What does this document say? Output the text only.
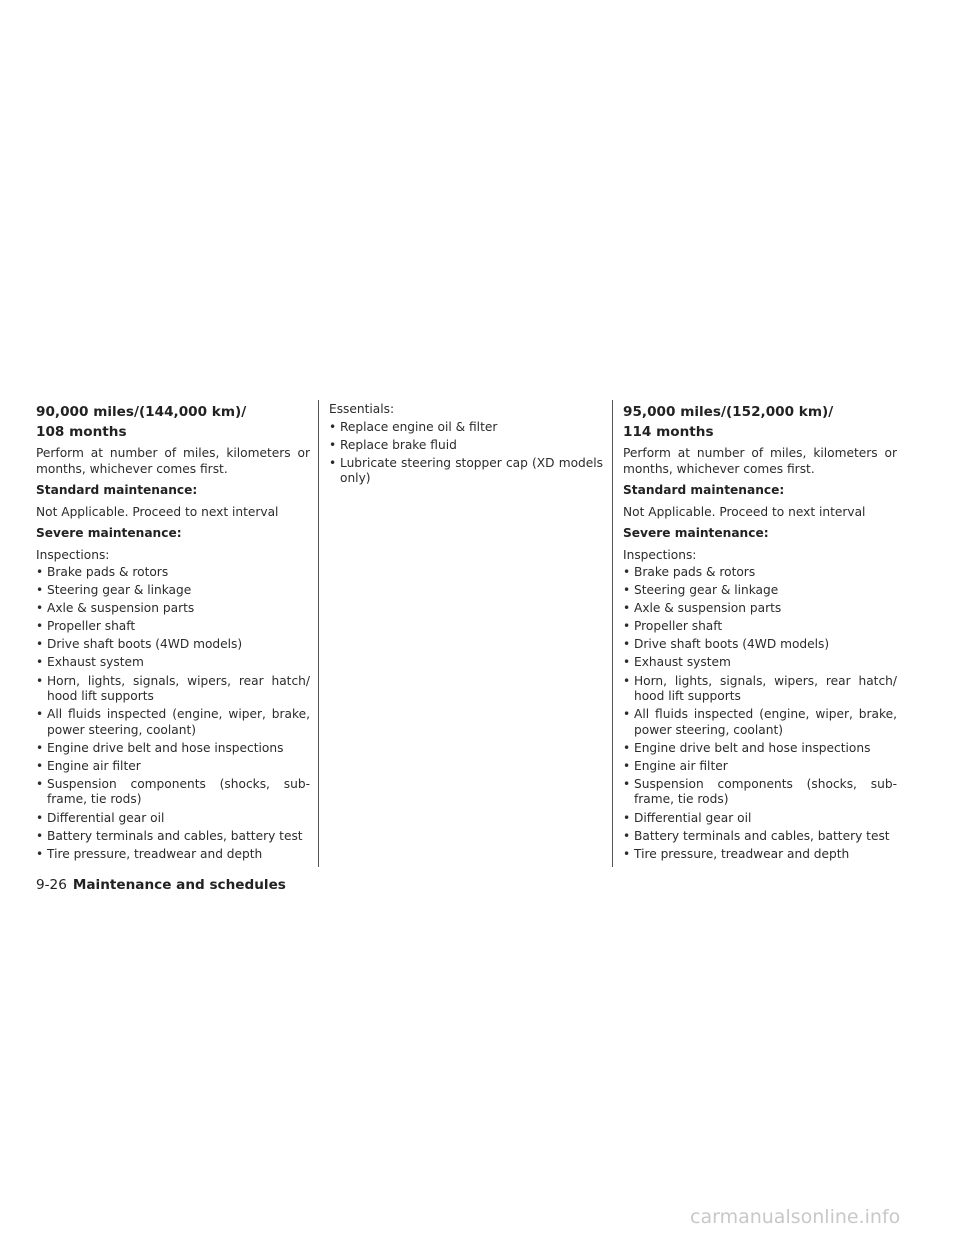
90,000 miles/(144,000 km)/
108 months

Perform at number of miles, kilometers or months, whichever comes first.

Standard maintenance:

Not Applicable. Proceed to next interval

Severe maintenance:

Inspections:

• Brake pads & rotors
• Steering gear & linkage
• Axle & suspension parts
• Propeller shaft
• Drive shaft boots (4WD models)
• Exhaust system
• Horn, lights, signals, wipers, rear hatch/ hood lift supports
• All fluids inspected (engine, wiper, brake, power steering, coolant)
• Engine drive belt and hose inspections
• Engine air filter
• Suspension components (shocks, sub-frame, tie rods)
• Differential gear oil
• Battery terminals and cables, battery test
• Tire pressure, treadwear and depth

Essentials:

• Replace engine oil & filter
• Replace brake fluid
• Lubricate steering stopper cap (XD models only)
95,000 miles/(152,000 km)/
114 months

Perform at number of miles, kilometers or months, whichever comes first.

Standard maintenance:

Not Applicable. Proceed to next interval

Severe maintenance:

Inspections:

• Brake pads & rotors
• Steering gear & linkage
• Axle & suspension parts
• Propeller shaft
• Drive shaft boots (4WD models)
• Exhaust system
• Horn, lights, signals, wipers, rear hatch/ hood lift supports
• All fluids inspected (engine, wiper, brake, power steering, coolant)
• Engine drive belt and hose inspections
• Engine air filter
• Suspension components (shocks, sub-frame, tie rods)
• Differential gear oil
• Battery terminals and cables, battery test
• Tire pressure, treadwear and depth
9-26 Maintenance and schedules
carmanualsonline.info
